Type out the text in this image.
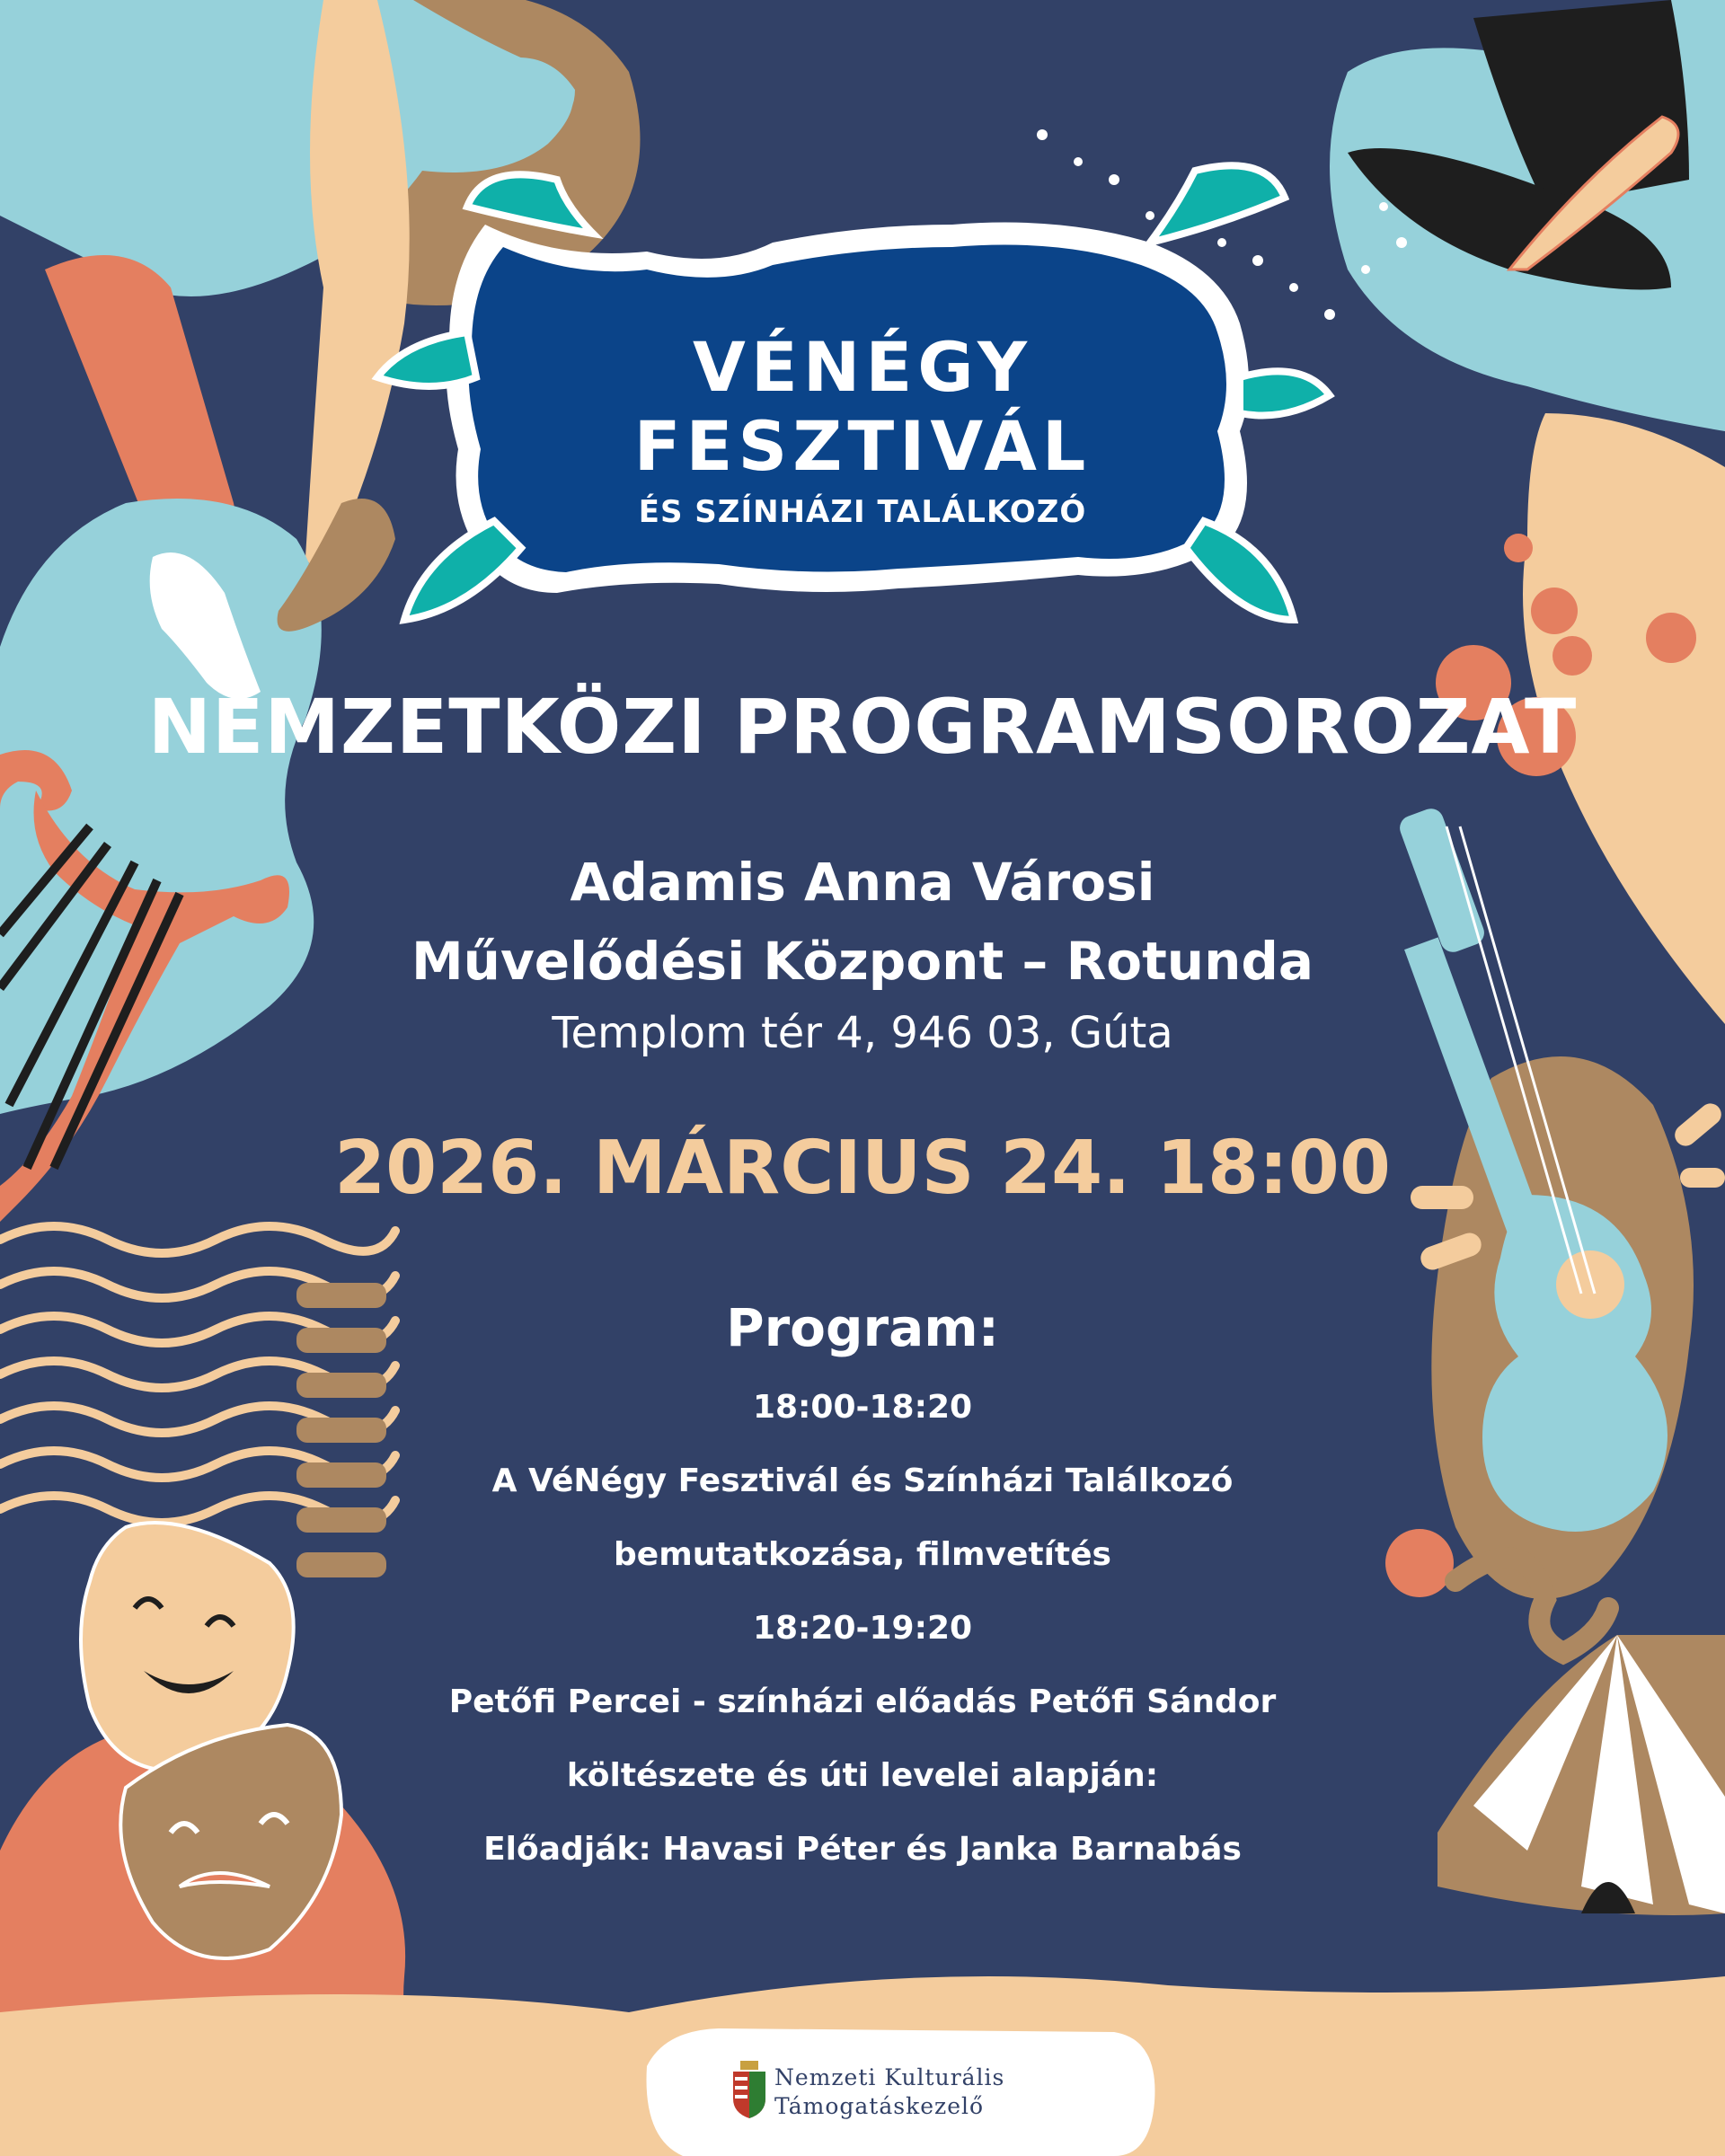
VÉNÉGY
FESZTIVÁL
ÉS SZÍNHÁZI TALÁLKOZÓ
NEMZETKÖZI PROGRAMSOROZAT
Adamis Anna Városi
Művelődési Központ – Rotunda
Templom tér 4, 946 03, Gúta
2026. MÁRCIUS 24. 18:00
Program:
18:00-18:20
A VéNégy Fesztivál és Színházi Találkozó
bemutatkozása, filmvetítés
18:20-19:20
Petőfi Percei - színházi előadás Petőfi Sándor
költészete és úti levelei alapján:
Előadják: Havasi Péter és Janka Barnabás
Nemzeti Kulturális
Támogatáskezelő
